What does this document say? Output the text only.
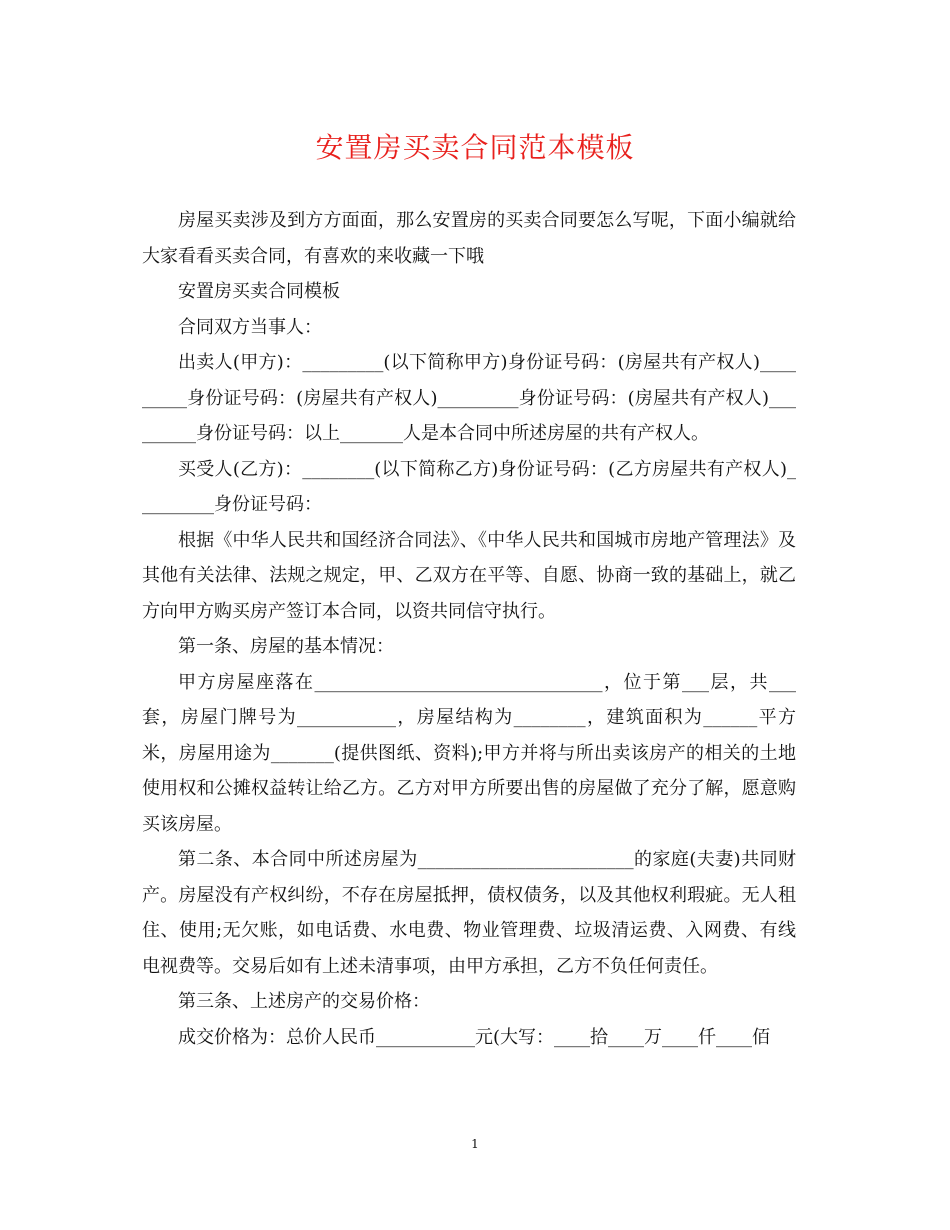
安置房买卖合同范本模板

房屋买卖涉及到方方面面，那么安置房的买卖合同要怎么写呢，下面小编就给大家看看买卖合同，有喜欢的来收藏一下哦

安置房买卖合同模板

合同双方当事人：

出卖人(甲方)：_________(以下简称甲方)身份证号码：(房屋共有产权人)_________身份证号码：(房屋共有产权人)_________身份证号码：(房屋共有产权人)_________身份证号码：以上_______人是本合同中所述房屋的共有产权人。

买受人(乙方)：________(以下简称乙方)身份证号码：(乙方房屋共有产权人)_________身份证号码：

根据《中华人民共和国经济合同法》、《中华人民共和国城市房地产管理法》及其他有关法律、法规之规定，甲、乙双方在平等、自愿、协商一致的基础上，就乙方向甲方购买房产签订本合同，以资共同信守执行。

第一条、房屋的基本情况：

甲方房屋座落在________________________________，位于第___层，共___套，房屋门牌号为___________，房屋结构为________，建筑面积为______平方米，房屋用途为_______(提供图纸、资料);甲方并将与所出卖该房产的相关的土地使用权和公摊权益转让给乙方。乙方对甲方所要出售的房屋做了充分了解，愿意购买该房屋。

第二条、本合同中所述房屋为________________________的家庭(夫妻)共同财产。房屋没有产权纠纷，不存在房屋抵押，债权债务，以及其他权利瑕疵。无人租住、使用;无欠账，如电话费、水电费、物业管理费、垃圾清运费、入网费、有线电视费等。交易后如有上述未清事项，由甲方承担，乙方不负任何责任。

第三条、上述房产的交易价格：

成交价格为：总价人民币___________元(大写：____拾____万____仟____佰

1
